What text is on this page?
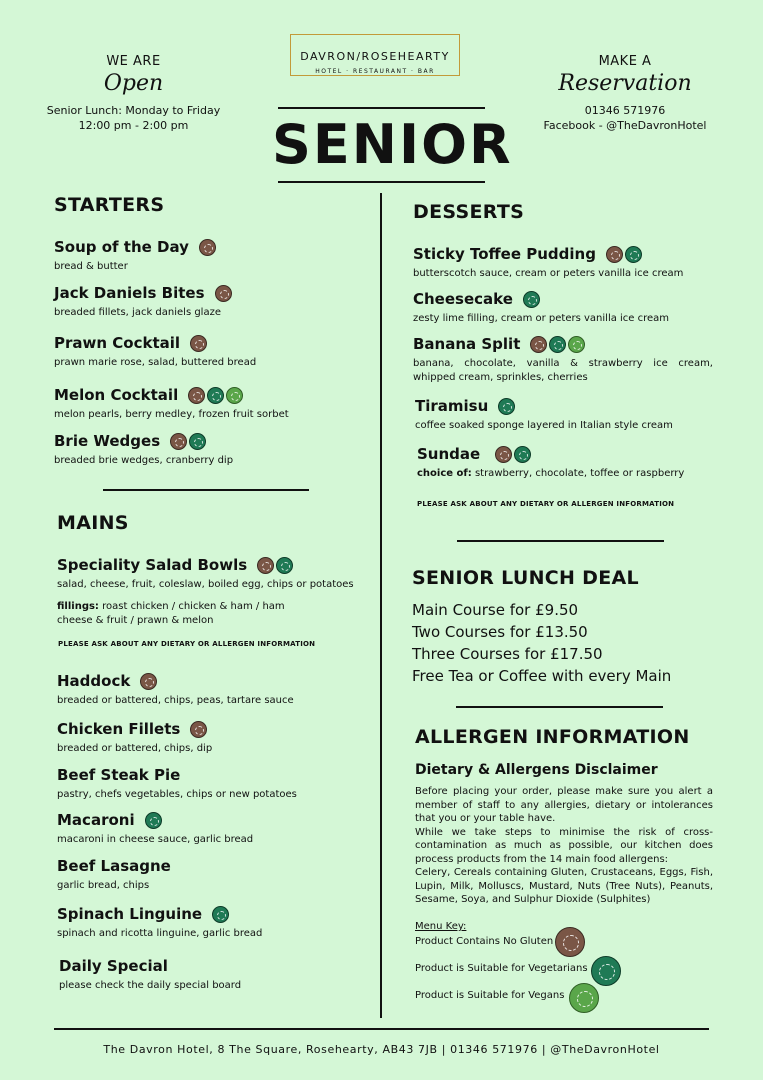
WE ARE
Open
Senior Lunch: Monday to Friday
12:00 pm - 2:00 pm
DAVRON/ROSEHEARTY
HOTEL · RESTAURANT · BAR
SENIOR
MAKE A
Reservation
01346 571976
Facebook - @TheDavronHotel
STARTERS
Soup of the Day
bread & butter
Jack Daniels Bites
breaded fillets, jack daniels glaze
Prawn Cocktail
prawn marie rose, salad, buttered bread
Melon Cocktail
melon pearls, berry medley, frozen fruit sorbet
Brie Wedges
breaded brie wedges, cranberry dip
MAINS
Speciality Salad Bowls
salad, cheese, fruit, coleslaw, boiled egg, chips or potatoes
fillings: roast chicken / chicken & ham / ham
cheese & fruit / prawn & melon
PLEASE ASK ABOUT ANY DIETARY OR ALLERGEN INFORMATION
Haddock
breaded or battered, chips, peas, tartare sauce
Chicken Fillets
breaded or battered, chips, dip
Beef Steak Pie
pastry, chefs vegetables, chips or new potatoes
Macaroni
macaroni in cheese sauce, garlic bread
Beef Lasagne
garlic bread, chips
Spinach Linguine
spinach and ricotta linguine, garlic bread
Daily Special
please check the daily special board
DESSERTS
Sticky Toffee Pudding
butterscotch sauce, cream or peters vanilla ice cream
Cheesecake
zesty lime filling, cream or peters vanilla ice cream
Banana Split
banana, chocolate, vanilla & strawberry ice cream, whipped cream, sprinkles, cherries
Tiramisu
coffee soaked sponge layered in Italian style cream
Sundae
choice of: strawberry, chocolate, toffee or raspberry
PLEASE ASK ABOUT ANY DIETARY OR ALLERGEN INFORMATION
SENIOR LUNCH DEAL
Main Course for £9.50
Two Courses for £13.50
Three Courses for £17.50
Free Tea or Coffee with every Main
ALLERGEN INFORMATION
Dietary & Allergens Disclaimer
Before placing your order, please make sure you alert a member of staff to any allergies, dietary or intolerances that you or your table have.
While we take steps to minimise the risk of cross-contamination as much as possible, our kitchen does process products from the 14 main food allergens:
Celery, Cereals containing Gluten, Crustaceans, Eggs, Fish, Lupin, Milk, Molluscs, Mustard, Nuts (Tree Nuts), Peanuts, Sesame, Soya, and Sulphur Dioxide (Sulphites)
Menu Key:
Product Contains No Gluten
Product is Suitable for Vegetarians
Product is Suitable for Vegans
The Davron Hotel, 8 The Square, Rosehearty, AB43 7JB | 01346 571976 | @TheDavronHotel
